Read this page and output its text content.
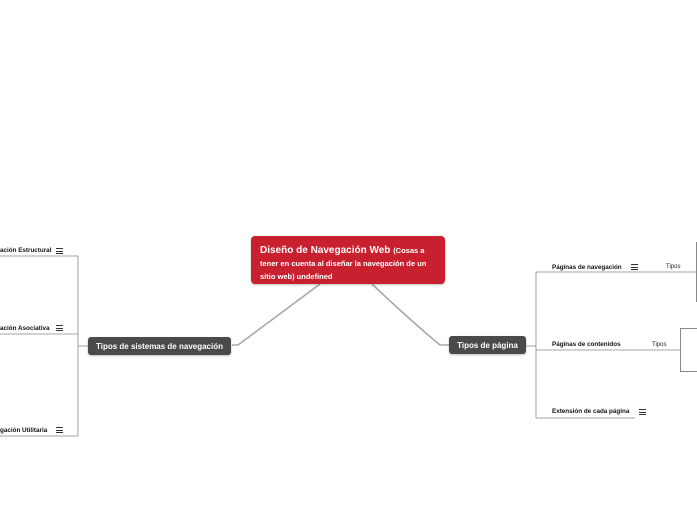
Diseño de Navegación Web (Cosas a tener en cuenta al diseñar la navegación de un sitio web) undefined
Tipos de sistemas de navegación	Tipos de página
ación Estructural
ación Asociativa
gación Utilitaria
Páginas de navegación
Páginas de contenidos
Extensión de cada página
Tipos
Tipos
